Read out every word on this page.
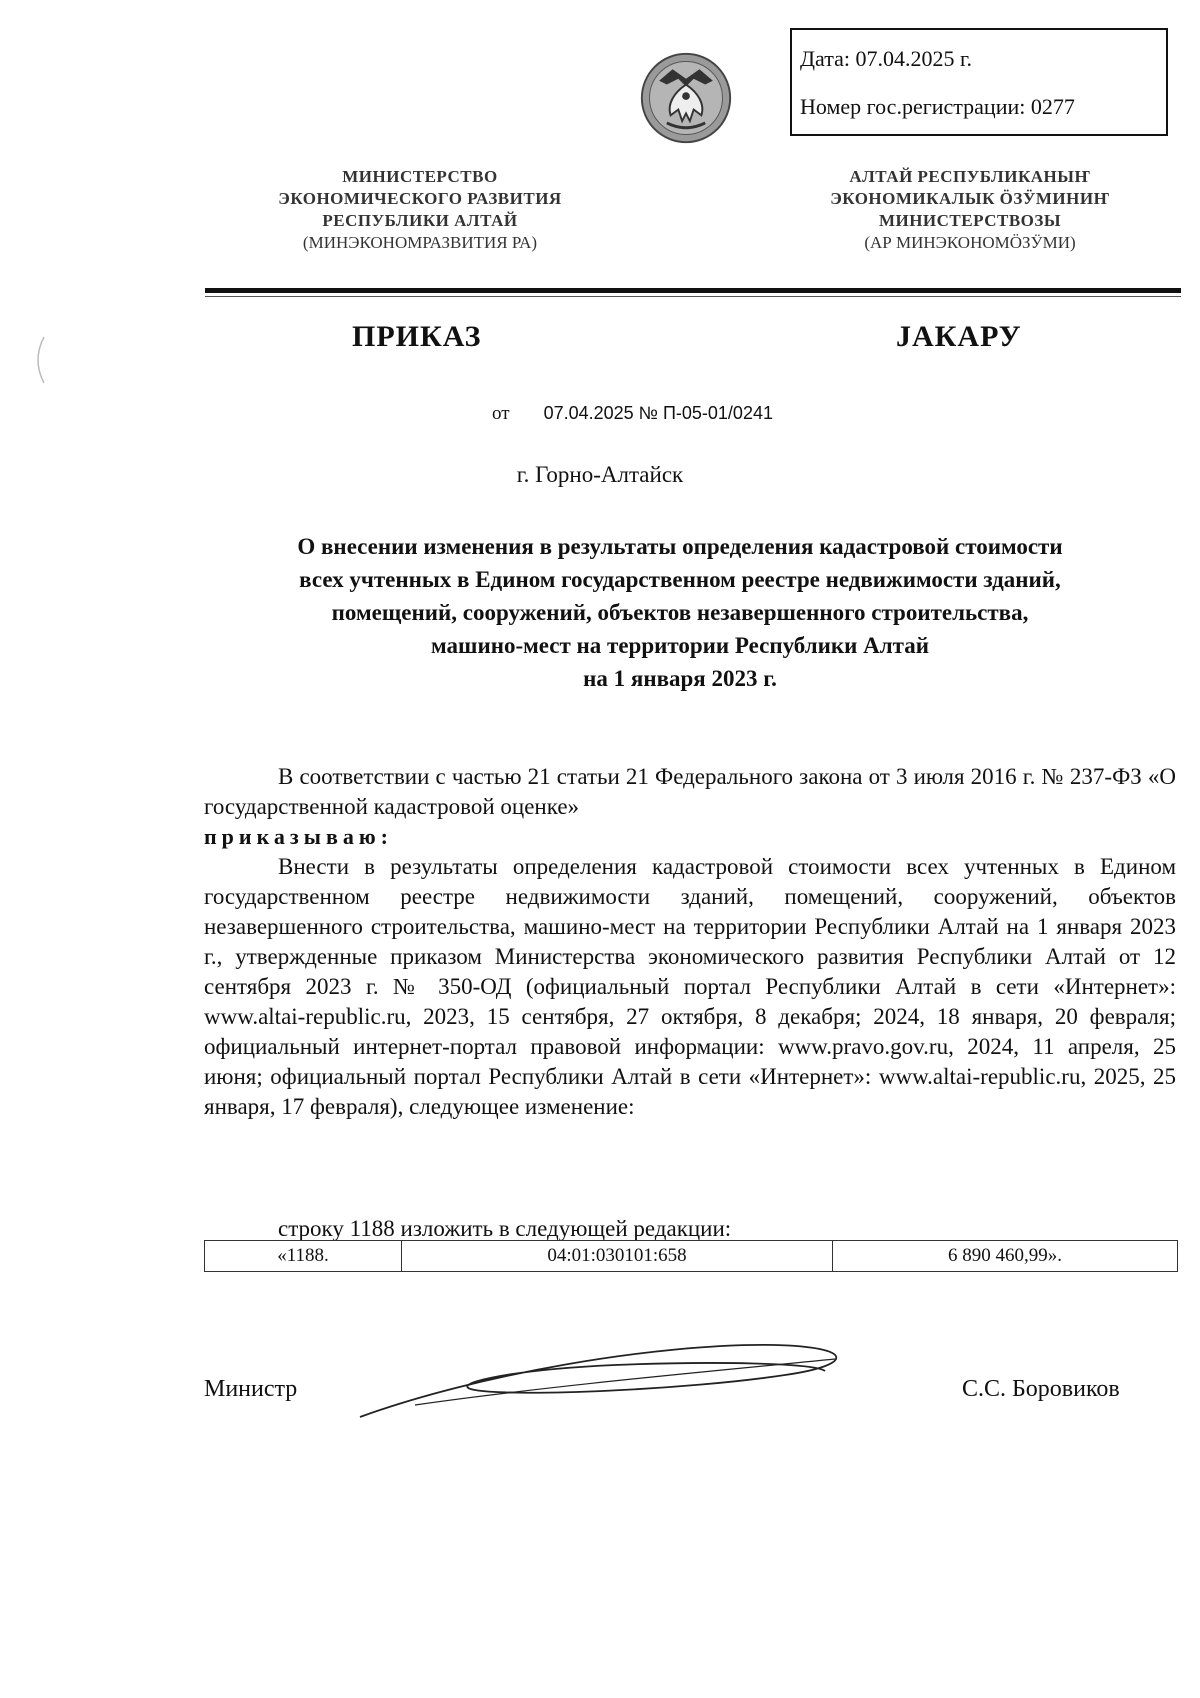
Дата: 07.04.2025 г.
Номер гос.регистрации: 0277
МИНИСТЕРСТВО
ЭКОНОМИЧЕСКОГО РАЗВИТИЯ
РЕСПУБЛИКИ АЛТАЙ
(МИНЭКОНОМРАЗВИТИЯ РА)
АЛТАЙ РЕСПУБЛИКАНЫҤ
ЭКОНОМИКАЛЫК ÖЗӰМИНИҤ
МИНИСТЕРСТВОЗЫ
(АР МИНЭКОНОМÖЗӰМИ)
ПРИКАЗ	ЈАКАРУ
от 07.04.2025 № П-05-01/0241
г. Горно-Алтайск
О внесении изменения в результаты определения кадастровой стоимости
всех учтенных в Едином государственном реестре недвижимости зданий,
помещений, сооружений, объектов незавершенного строительства,
машино-мест на территории Республики Алтай
на 1 января 2023 г.
В соответствии с частью 21 статьи 21 Федерального закона от 3 июля 2016 г. № 237-ФЗ «О государственной кадастровой оценке»
приказываю:
Внести в результаты определения кадастровой стоимости всех учтенных в Едином государственном реестре недвижимости зданий, помещений, сооружений, объектов незавершенного строительства, машино-мест на территории Республики Алтай на 1 января 2023 г., утвержденные приказом Министерства экономического развития Республики Алтай от 12 сентября 2023 г. № 350-ОД (официальный портал Республики Алтай в сети «Интернет»: www.altai-republic.ru, 2023, 15 сентября, 27 октября, 8 декабря; 2024, 18 января, 20 февраля; официальный интернет-портал правовой информации: www.pravo.gov.ru, 2024, 11 апреля, 25 июня; официальный портал Республики Алтай в сети «Интернет»: www.altai-republic.ru, 2025, 25 января, 17 февраля), следующее изменение:
строку 1188 изложить в следующей редакции:
«1188.	04:01:030101:658	6 890 460,99».
Министр	С.С. Боровиков
